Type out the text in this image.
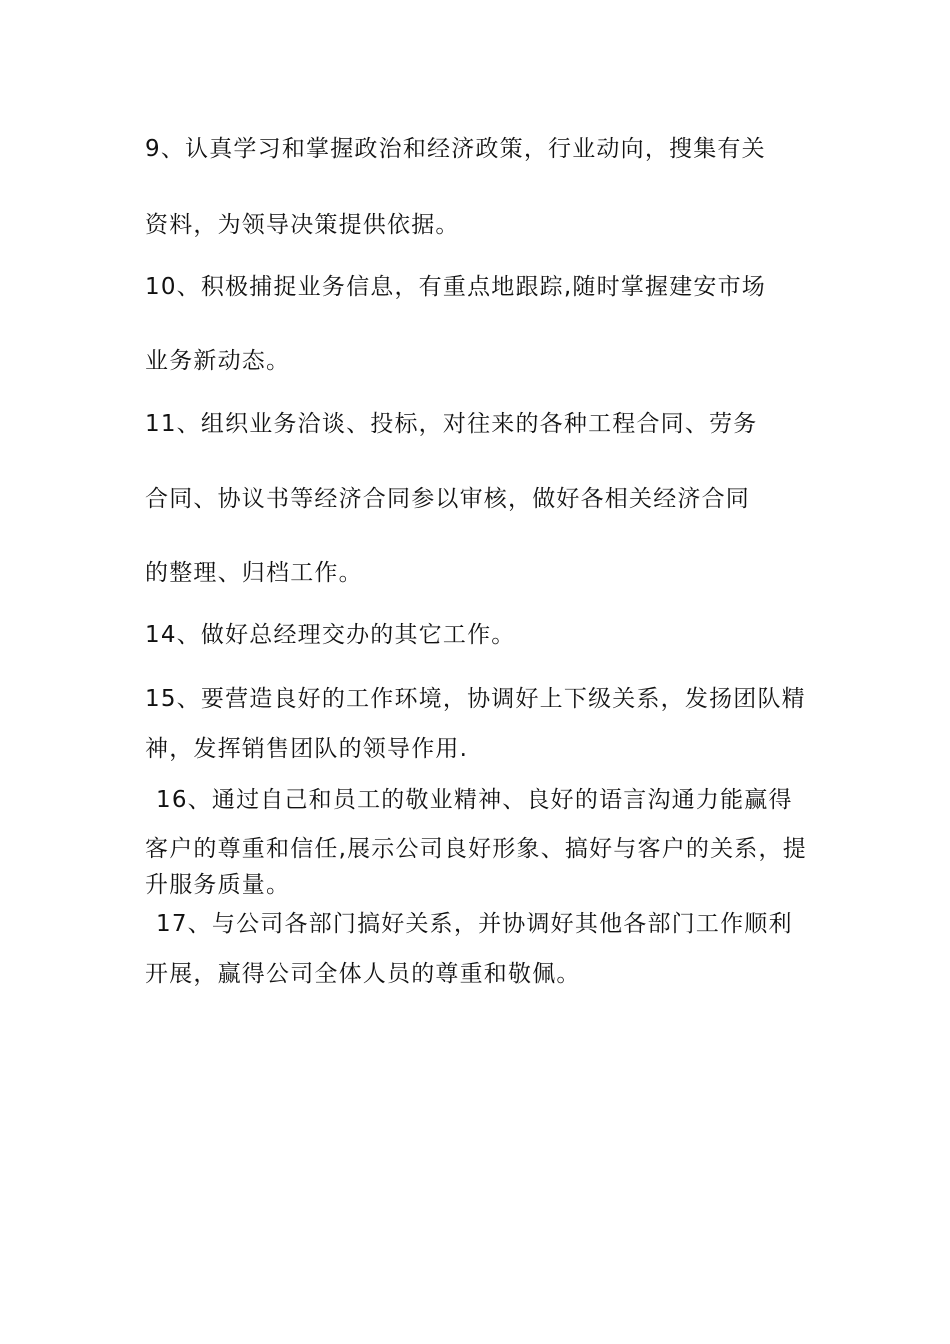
9、认真学习和掌握政治和经济政策，行业动向，搜集有关
资料，为领导决策提供依据。
10、积极捕捉业务信息，有重点地跟踪,随时掌握建安市场
业务新动态。
11、组织业务洽谈、投标，对往来的各种工程合同、劳务
合同、协议书等经济合同参以审核，做好各相关经济合同
的整理、归档工作。
14、做好总经理交办的其它工作。
15、要营造良好的工作环境，协调好上下级关系，发扬团队精
神，发挥销售团队的领导作用.
16、通过自己和员工的敬业精神、良好的语言沟通力能赢得
客户的尊重和信任,展示公司良好形象、搞好与客户的关系，提
升服务质量。
17、与公司各部门搞好关系，并协调好其他各部门工作顺利
开展，赢得公司全体人员的尊重和敬佩。
